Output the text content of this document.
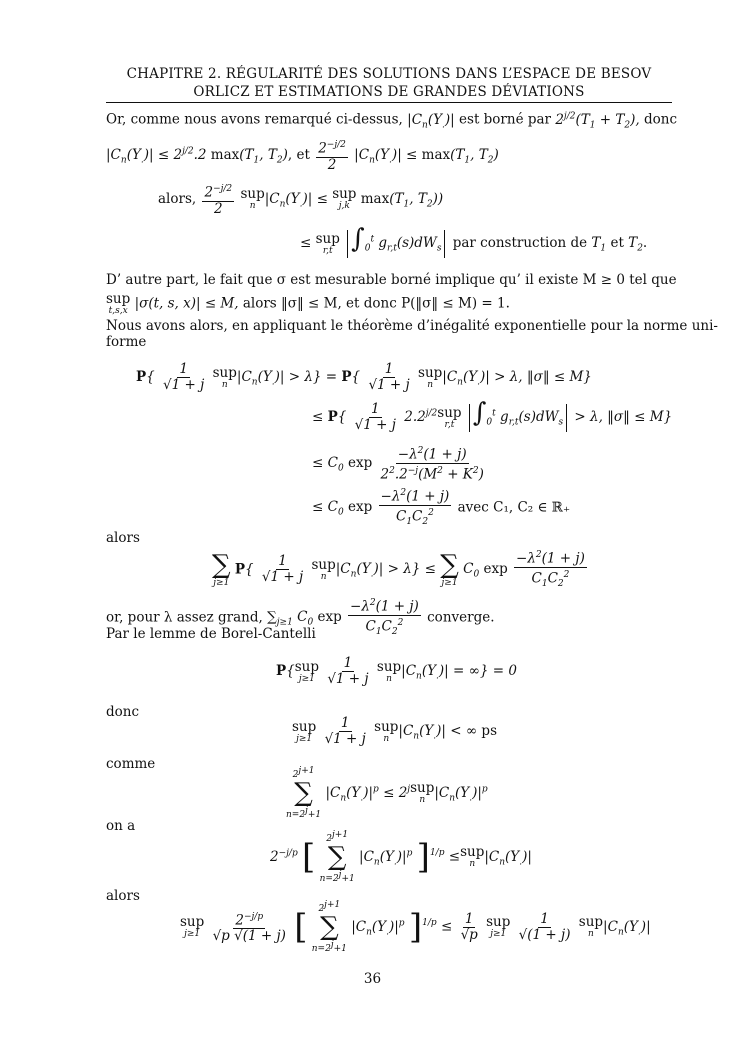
CHAPITRE 2. RÉGULARITÉ DES SOLUTIONS DANS L’ESPACE DE BESOV
ORLICZ ET ESTIMATIONS DE GRANDES DÉVIATIONS
Or, comme nous avons remarqué ci-dessus, $|C_n(Y_.)|$ est borné par $2^{j/2}(T_1 + T_2)$, donc
$|C_n(Y_.)| \le 2^{j/2}.2$ $\max(T_1$, $T_2$), et $\frac{2^{-j/2}}{2} |C_n(Y_.)| \le \max(T_1$, $T_2$)
alors, $\frac{2^{-j/2}}{2}$
sup
n $|C_n(Y_.)|$ ≤ sup
j,k $\max(T_1$, $T_2$))
≤ sup
r,t $\int_0^t$ $g_{r,t}(s)dW_s$ par construction de $T_1$ et $T_2$.
D’ autre part, le fait que σ est mesurable borné implique qu’ il existe M ≥ 0 tel que
sup
t,s,x |σ(t, s, x)| ≤ M, alors ‖σ‖ ≤ M, et donc P(‖σ‖ ≤ M) = 1.
Nous avons alors, en appliquant le théorème d’inégalité exponentielle pour la norme uni-
forme
$P\{ \frac{1}{√1 + j}$
sup
n $|C_n(Y_.)| > \lambda\} = P\{ \frac{1}{√1 + j}$
sup
n $|C_n(Y_.)| > \lambda$, ‖σ‖ ≤ M}
≤ $P\{ \frac{1}{√1 + j} 2.2^{j/2}$ sup
r,t $\int_0^t$ $g_{r,t}(s)dW_s > \lambda$, ‖σ‖ ≤ M}
≤ $C_0$ $\exp \frac{-\lambda^2(1 + j)}{2^2.2^{-j}(M^2 + K^2)}$
≤ $C_0$ $\exp \frac{-\lambda^2(1 + j)}{C_1C_2^2}$ avec C₁, C₂ ∈ ℝ₊
alors
∑
j≥1
$P\{ \frac{1}{√1 + j}$
sup
n $|C_n(Y_.)| > \lambda$} ≤ ∑
j≥1
$C_0$ $\exp \frac{-\lambda^2(1 + j)}{C_1C_2^2}$
or, pour λ assez grand, $\sum_{j\ge 1}$ $C_0$ $\exp \frac{-\lambda^2(1 + j)}{C_1C_2^2}$ converge.
Par le lemme de Borel-Cantelli
P{ sup
j≥1
$\frac{1}{√1 + j}$
sup
n $|C_n(Y_.)|$ = ∞} = 0
donc
sup
j≥1
$\frac{1}{√1 + j}$
sup
n $|C_n(Y_.)|$ < ∞ ps
comme
$2^{j+1}$
∑
$n=2^j+1$
$|C_n(Y_.)|^p \le 2^j$ sup
n $|C_n(Y_.)|^p$
on a
$2^{-j/p}$ [ $2^{j+1}$
∑
$n=2^j+1$
$|C_n(Y_.)|^p$ ]$^{1/p}$ ≤ sup
n $|C_n(Y_.)|$
alors
sup
j≥1
$\frac{2^{-j/p}}{√p √(1 + j)}$ [ $2^{j+1}$
∑
$n=2^j+1$
$|C_n(Y_.)|^p$ ]$^{1/p} \le \frac{1}{√p}$
sup
j≥1
$\frac{1}{√(1 + j)}$
sup
n $|C_n(Y_.)|$
36
